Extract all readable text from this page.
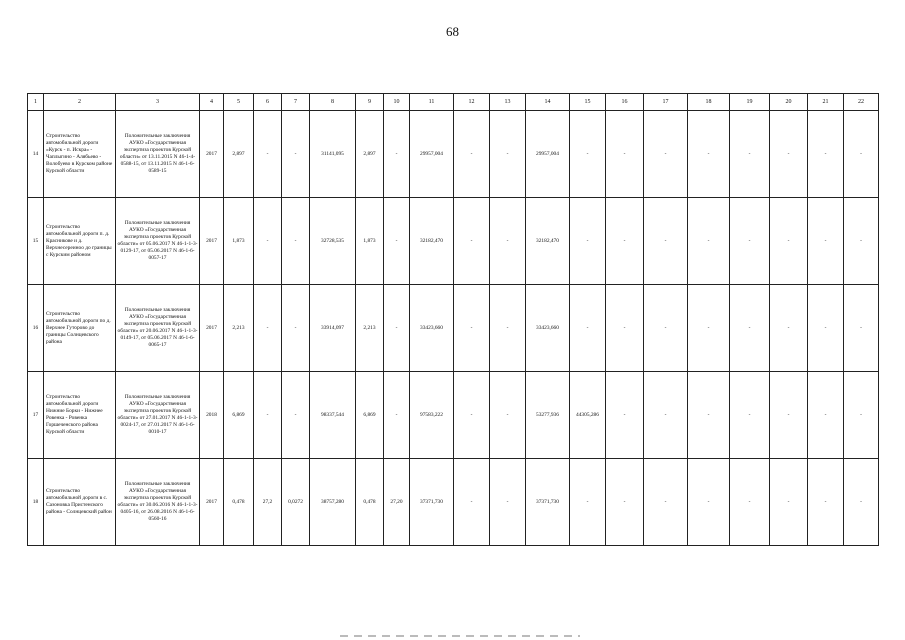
68
1	2	3	4	5	6	7	8	9	10	11	12	13	14	15	16	17	18	19	20	21	22
14	Строительство автомобильной дороги «Курск - п. Искра» - Чаплыгино - Алябьево - Волобуево в Курском районе Курской области	Положительные заключения АУКО «Государственная экспертиза проектов Курской области» от 13.11.2015 N 46-1-4-0588-15, от 13.11.2015 N 46-1-6-0589-15	2017	2,897	-	-	31141,095	2,897	-	29957,004	-	-	29957,004	-	-	-	-	-	-	-	-
15	Строительство автомобильной дороги п. д. Красникове и д. Верхнесереиноо до границы с Курским районом	Положительные заключения АУКО «Государственная экспертиза проектов Курской области» от 05.06.2017 N 46-1-1-3-0129-17, от 05.06.2017 N 46-1-6-0057-17	2017	1,873	-	-	32728,535	1,873	-	32182,470	-	-	32182,470	-	-	-	-	-	-	-	-
16	Строительство автомобильной дороги по д. Верхнее Гуторово до границы Солнцевского района	Положительные заключения АУКО «Государственная экспертиза проектов Курской области» от 20.06.2017 N 46-1-1-3-0149-17, от 05.06.2017 N 46-1-6-0065-17	2017	2,213	-	-	33914,097	2,213	-	33423,660	-	-	33423,660	-	-	-	-	-	-	-	-
17	Строительство автомобильной дороги Нижние Борки - Нижнее Ровенка - Ровенка Горшеченского района Курской области	Положительные заключения АУКО «Государственная экспертиза проектов Курской области» от 27.01.2017 N 46-1-1-3-0024-17, от 27.01.2017 N 46-1-6-0010-17	2018	6,869	-	-	98337,544	6,869	-	97583,222	-	-	53277,936	44305,286	-	-	-	-	-	-	-
18	Строительство автомобильной дороги в с. Сазоновка Пристенского района - Солнцевский район	Положительные заключения АУКО «Государственная экспертиза проектов Курской области» от 30.06.2016 N 46-1-1-3-0405-16, от 26.08.2016 N 46-1-6-0560-16	2017	0,478	27,2	0,0272	38757,280	0,478	27,20	37371,730	-	-	37371,730	-	-	-	-	-	-	-	-
